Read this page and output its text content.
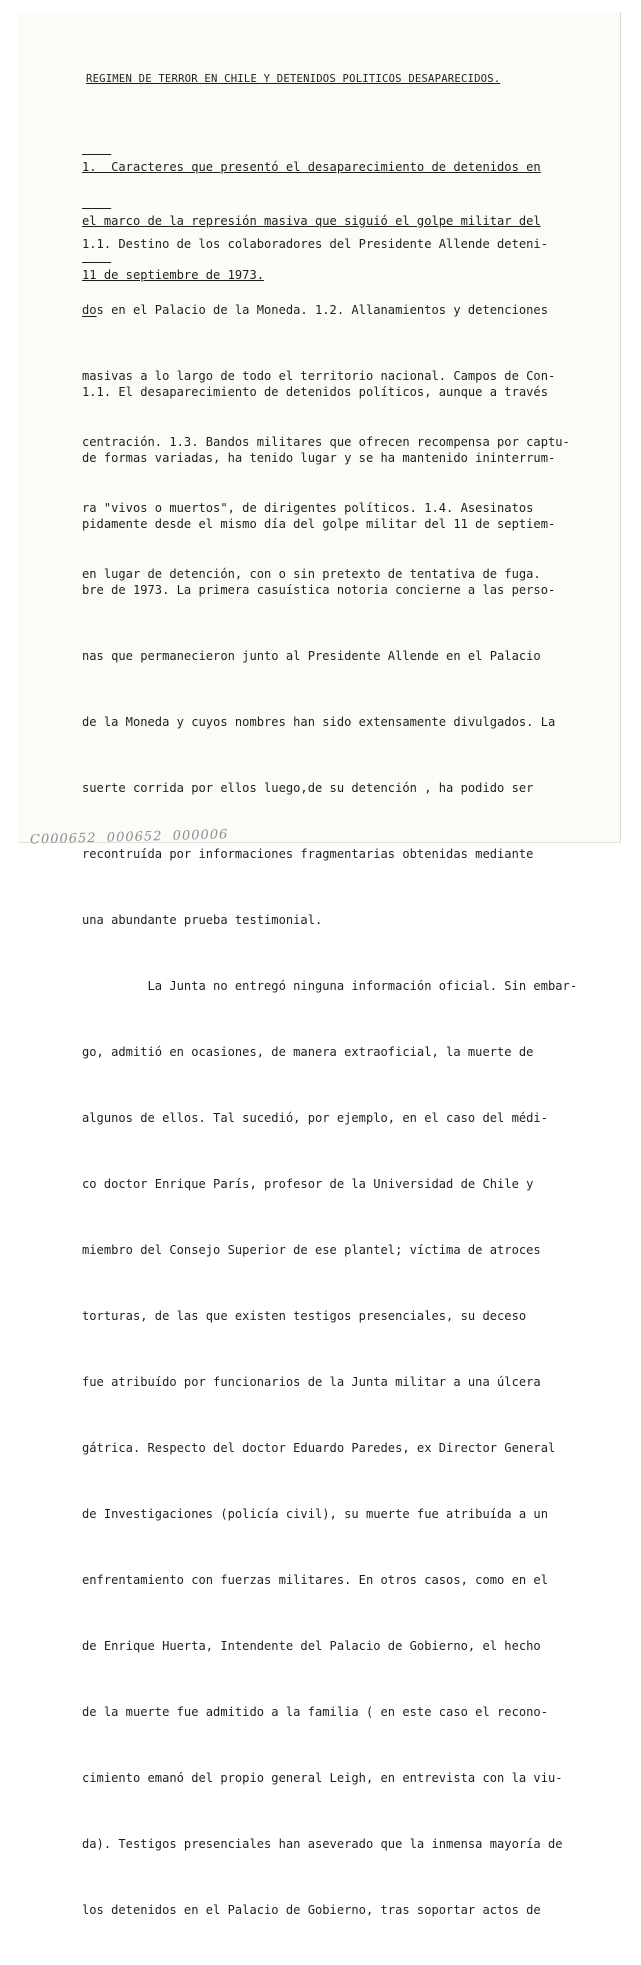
REGIMEN DE TERROR EN CHILE Y DETENIDOS POLITICOS DESAPARECIDOS.

1.  Caracteres que presentó el desaparecimiento de detenidos en

el marco de la represión masiva que siguió el golpe militar del

11 de septiembre de 1973.

1.1. Destino de los colaboradores del Presidente Allende deteni-

dos en el Palacio de la Moneda. 1.2. Allanamientos y detenciones

masivas a lo largo de todo el territorio nacional. Campos de Con-

centración. 1.3. Bandos militares que ofrecen recompensa por captu-

ra "vivos o muertos", de dirigentes políticos. 1.4. Asesinatos

en lugar de detención, con o sin pretexto de tentativa de fuga.

1.1. El desaparecimiento de detenidos políticos, aunque a través

de formas variadas, ha tenido lugar y se ha mantenido ininterrum-

pidamente desde el mismo día del golpe militar del 11 de septiem-

bre de 1973. La primera casuística notoria concierne a las perso-

nas que permanecieron junto al Presidente Allende en el Palacio

de la Moneda y cuyos nombres han sido extensamente divulgados. La

suerte corrida por ellos luego,de su detención , ha podido ser

recontruída por informaciones fragmentarias obtenidas mediante

una abundante prueba testimonial.

La Junta no entregó ninguna información oficial. Sin embar-

go, admitió en ocasiones, de manera extraoficial, la muerte de

algunos de ellos. Tal sucedió, por ejemplo, en el caso del médi-

co doctor Enrique París, profesor de la Universidad de Chile y

miembro del Consejo Superior de ese plantel; víctima de atroces

torturas, de las que existen testigos presenciales, su deceso

fue atribuído por funcionarios de la Junta militar a una úlcera

gátrica. Respecto del doctor Eduardo Paredes, ex Director General

de Investigaciones (policía civil), su muerte fue atribuída a un

enfrentamiento con fuerzas militares. En otros casos, como en el

de Enrique Huerta, Intendente del Palacio de Gobierno, el hecho

de la muerte fue admitido a la familia ( en este caso el recono-

cimiento emanó del propio general Leigh, en entrevista con la viu-

da). Testigos presenciales han aseverado que la inmensa mayoría de

los detenidos en el Palacio de Gobierno, tras soportar actos de

C000652  000652  000006
